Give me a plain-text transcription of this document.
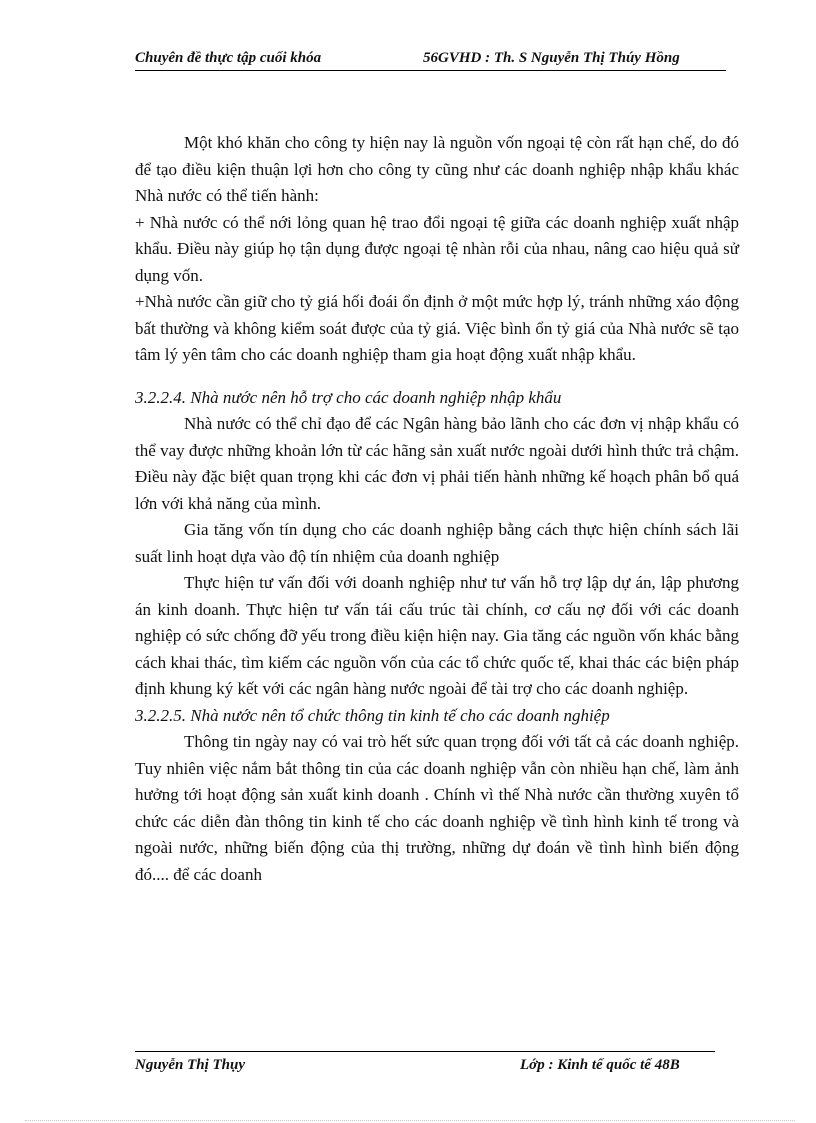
Chuyên đề thực tập cuối khóa	56GVHD : Th. S Nguyễn Thị Thúy Hồng

Một khó khăn cho công ty hiện nay là nguồn vốn ngoại tệ còn rất hạn chế, do đó để tạo điều kiện thuận lợi hơn cho công ty cũng như các doanh nghiệp nhập khẩu khác Nhà nước có thể tiến hành:

+ Nhà nước có thể nới lỏng quan hệ trao đổi ngoại tệ giữa các doanh nghiệp xuất nhập khẩu. Điều này giúp họ tận dụng được ngoại tệ nhàn rỗi của nhau, nâng cao hiệu quả sử dụng vốn.

+Nhà nước cần giữ cho tỷ giá hối đoái ổn định ở một mức hợp lý, tránh những xáo động bất thường và không kiểm soát được của tỷ giá. Việc bình ổn tỷ giá của Nhà nước sẽ tạo tâm lý yên tâm cho các doanh nghiệp tham gia hoạt động xuất nhập khẩu.

3.2.2.4. Nhà nước nên hỗ trợ cho các doanh nghiệp nhập khẩu

Nhà nước có thể chỉ đạo để các Ngân hàng bảo lãnh cho các đơn vị nhập khẩu có thể vay được những khoản lớn từ các hãng sản xuất nước ngoài dưới hình thức trả chậm. Điều này đặc biệt quan trọng khi các đơn vị phải tiến hành những kế hoạch phân bổ quá lớn với khả năng của mình.

Gia tăng vốn tín dụng cho các doanh nghiệp bằng cách thực hiện chính sách lãi suất linh hoạt dựa vào độ tín nhiệm của doanh nghiệp

Thực hiện tư vấn đối với doanh nghiệp như tư vấn hỗ trợ lập dự án, lập phương án kinh doanh. Thực hiện tư vấn tái cấu trúc tài chính, cơ cấu nợ đối với các doanh nghiệp có sức chống đỡ yếu trong điều kiện hiện nay. Gia tăng các nguồn vốn khác bằng cách khai thác, tìm kiếm các nguồn vốn của các tổ chức quốc tế, khai thác các biện pháp định khung ký kết với các ngân hàng nước ngoài để tài trợ cho các doanh nghiệp.

3.2.2.5. Nhà nước nên tổ chức thông tin kinh tế cho các doanh nghiệp

Thông tin ngày nay có vai trò hết sức quan trọng đối với tất cả các doanh nghiệp. Tuy nhiên việc nắm bắt thông tin của các doanh nghiệp vẫn còn nhiều hạn chế, làm ảnh hưởng tới hoạt động sản xuất kinh doanh . Chính vì thế Nhà nước cần thường xuyên tổ chức các diễn đàn thông tin kinh tế cho các doanh nghiệp về tình hình kinh tế trong và ngoài nước, những biến động của thị trường, những dự đoán về tình hình biến động đó.... để các doanh

Nguyễn Thị Thụy	Lớp : Kinh tế quốc tế 48B
